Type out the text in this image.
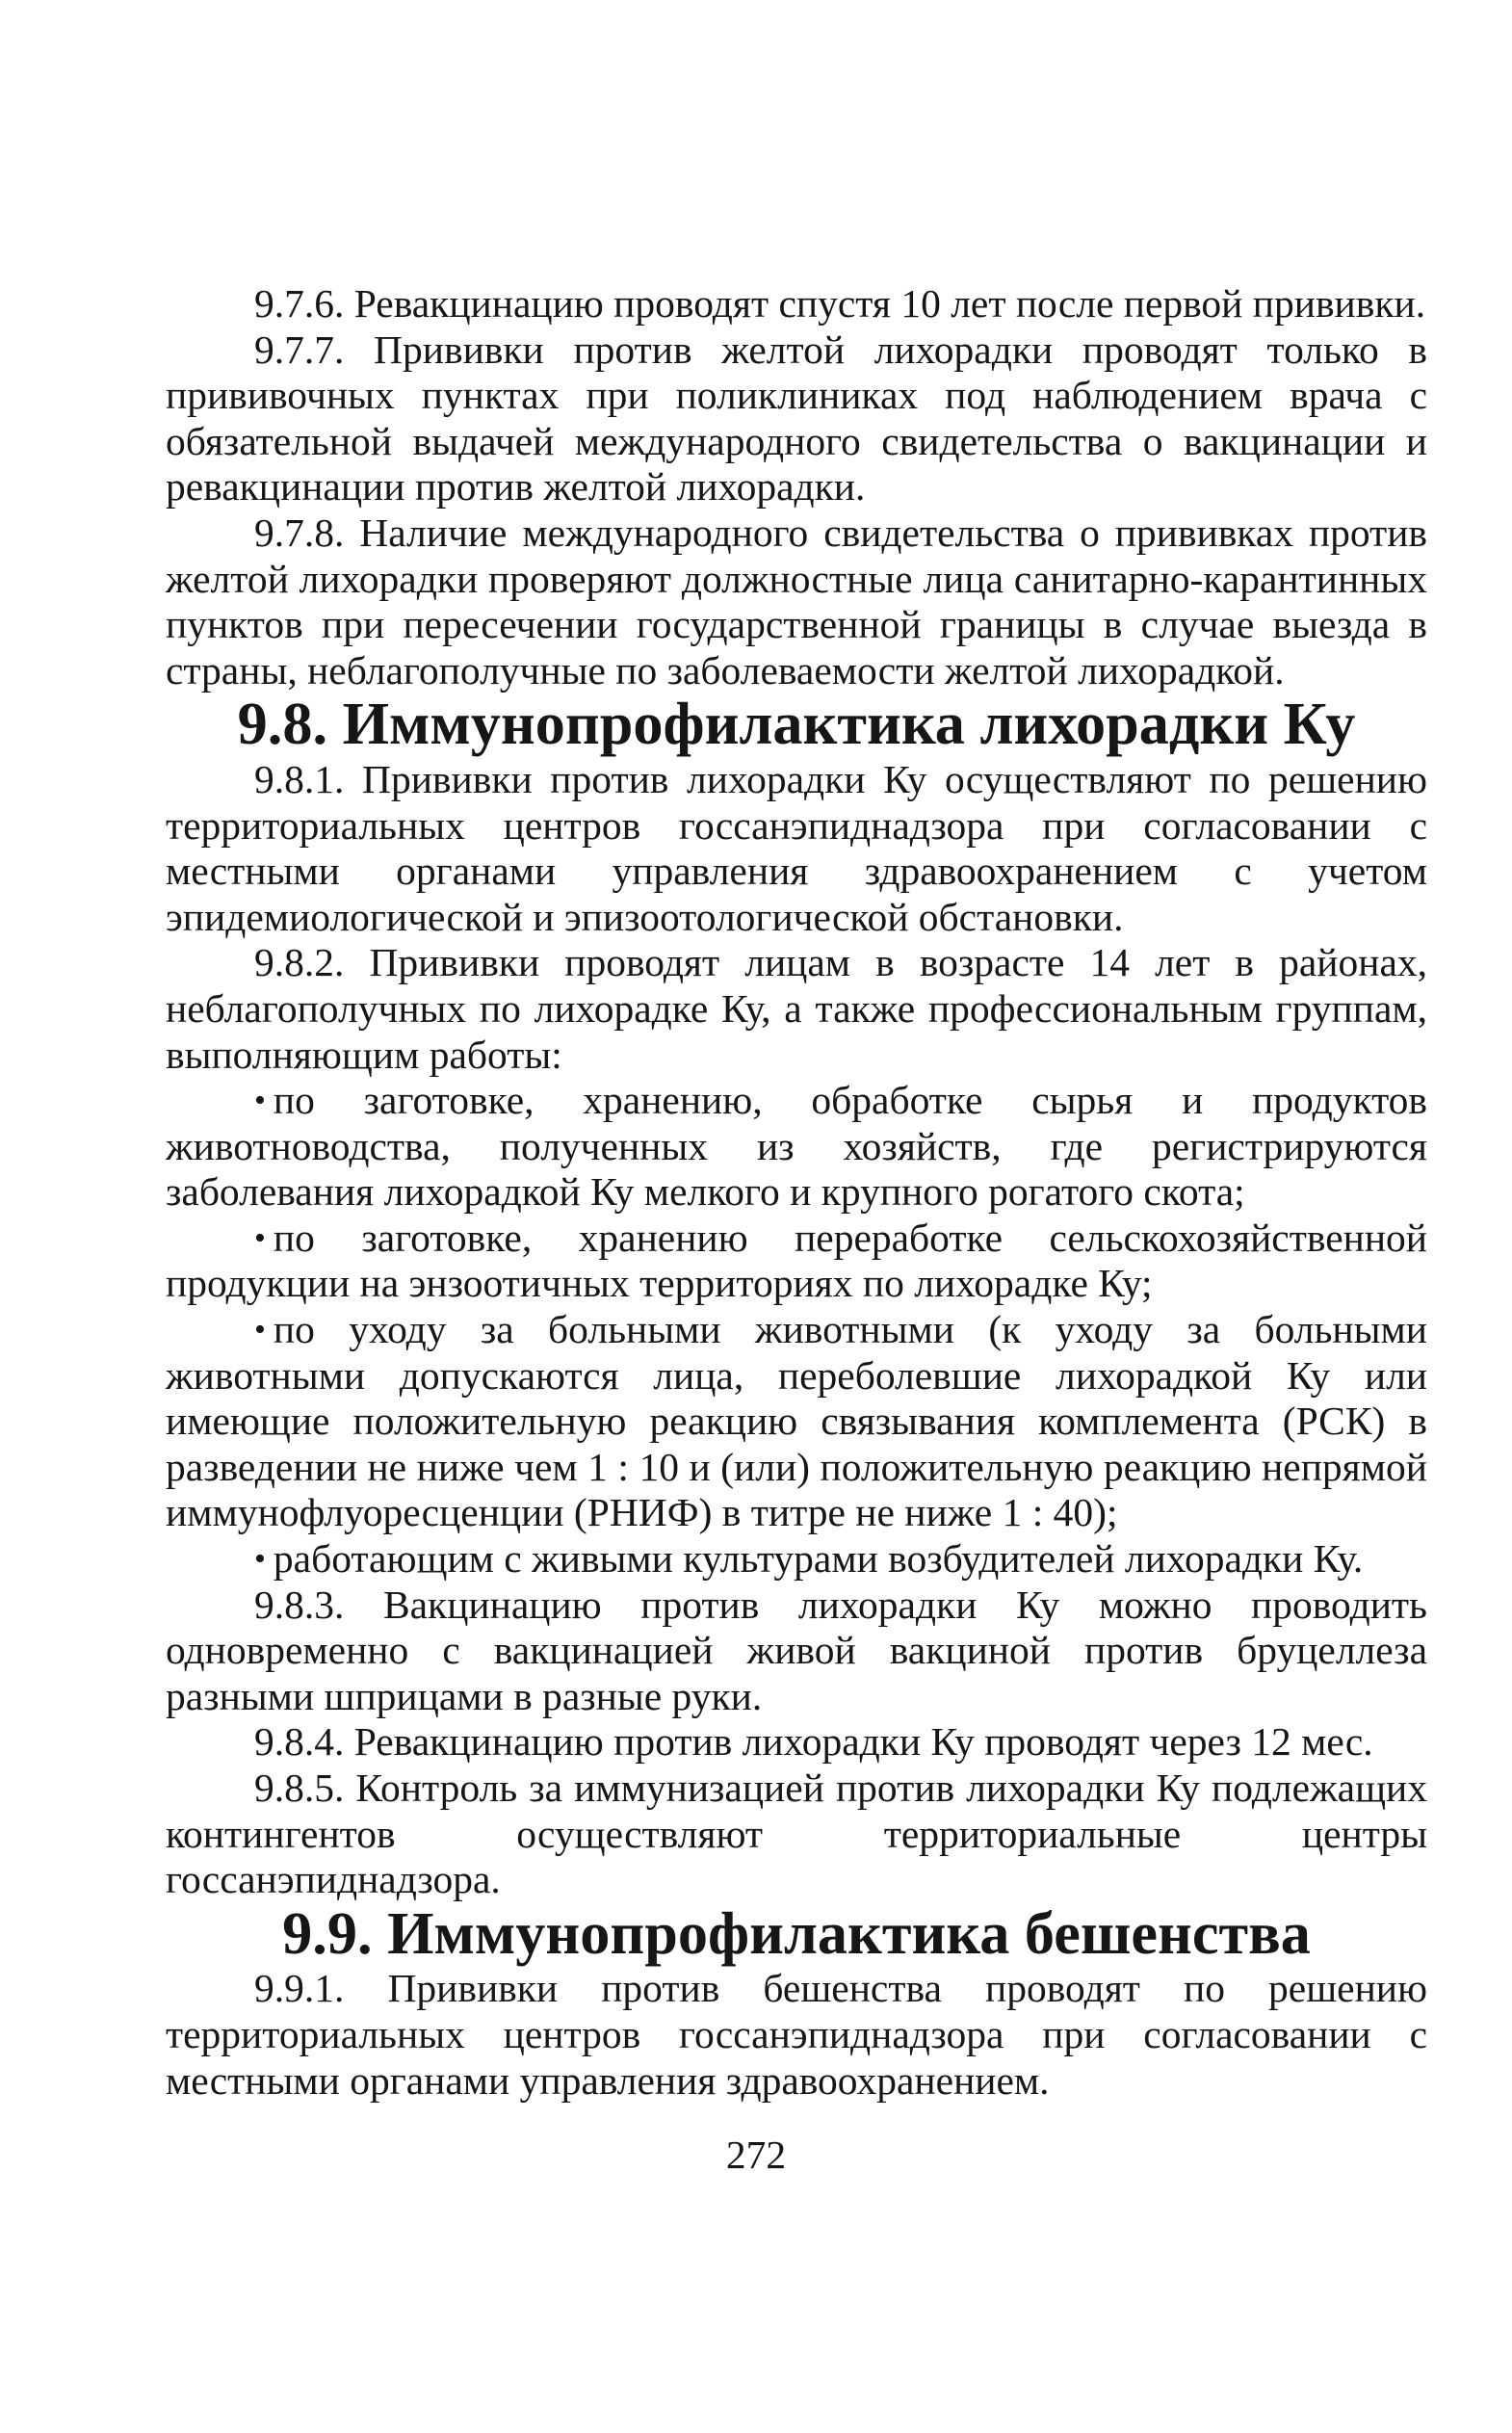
9.7.6. Ревакцинацию проводят спустя 10 лет после первой прививки.

9.7.7. Прививки против желтой лихорадки проводят только в прививочных пунктах при поликлиниках под наблюдением врача с обязательной выдачей международного свидетельства о вакцинации и ревакцинации против желтой лихорадки.

9.7.8. Наличие международного свидетельства о прививках против желтой лихорадки проверяют должностные лица санитарно-карантинных пунктов при пересечении государственной границы в случае выезда в страны, неблагополучные по заболеваемости желтой лихорадкой.

9.8. Иммунопрофилактика лихорадки Ку

9.8.1. Прививки против лихорадки Ку осуществляют по решению территориальных центров госсанэпиднадзора при согласовании с местными органами управления здравоохранением с учетом эпидемиологической и эпизоотологической обстановки.

9.8.2. Прививки проводят лицам в возрасте 14 лет в районах, неблагополучных по лихорадке Ку, а также профессиональным группам, выполняющим работы:

• по заготовке, хранению, обработке сырья и продуктов животноводства, полученных из хозяйств, где регистрируются заболевания лихорадкой Ку мелкого и крупного рогатого скота;

• по заготовке, хранению переработке сельскохозяйственной продукции на энзоотичных территориях по лихорадке Ку;

• по уходу за больными животными (к уходу за больными животными допускаются лица, переболевшие лихорадкой Ку или имеющие положительную реакцию связывания комплемента (РСК) в разведении не ниже чем 1 : 10 и (или) положительную реакцию непрямой иммунофлуоресценции (РНИФ) в титре не ниже 1 : 40);

• работающим с живыми культурами возбудителей лихорадки Ку.

9.8.3. Вакцинацию против лихорадки Ку можно проводить одновременно с вакцинацией живой вакциной против бруцеллеза разными шприцами в разные руки.

9.8.4. Ревакцинацию против лихорадки Ку проводят через 12 мес.

9.8.5. Контроль за иммунизацией против лихорадки Ку подлежащих контингентов осуществляют территориальные центры госсанэпиднадзора.

9.9. Иммунопрофилактика бешенства

9.9.1. Прививки против бешенства проводят по решению территориальных центров госсанэпиднадзора при согласовании с местными органами управления здравоохранением.

272
